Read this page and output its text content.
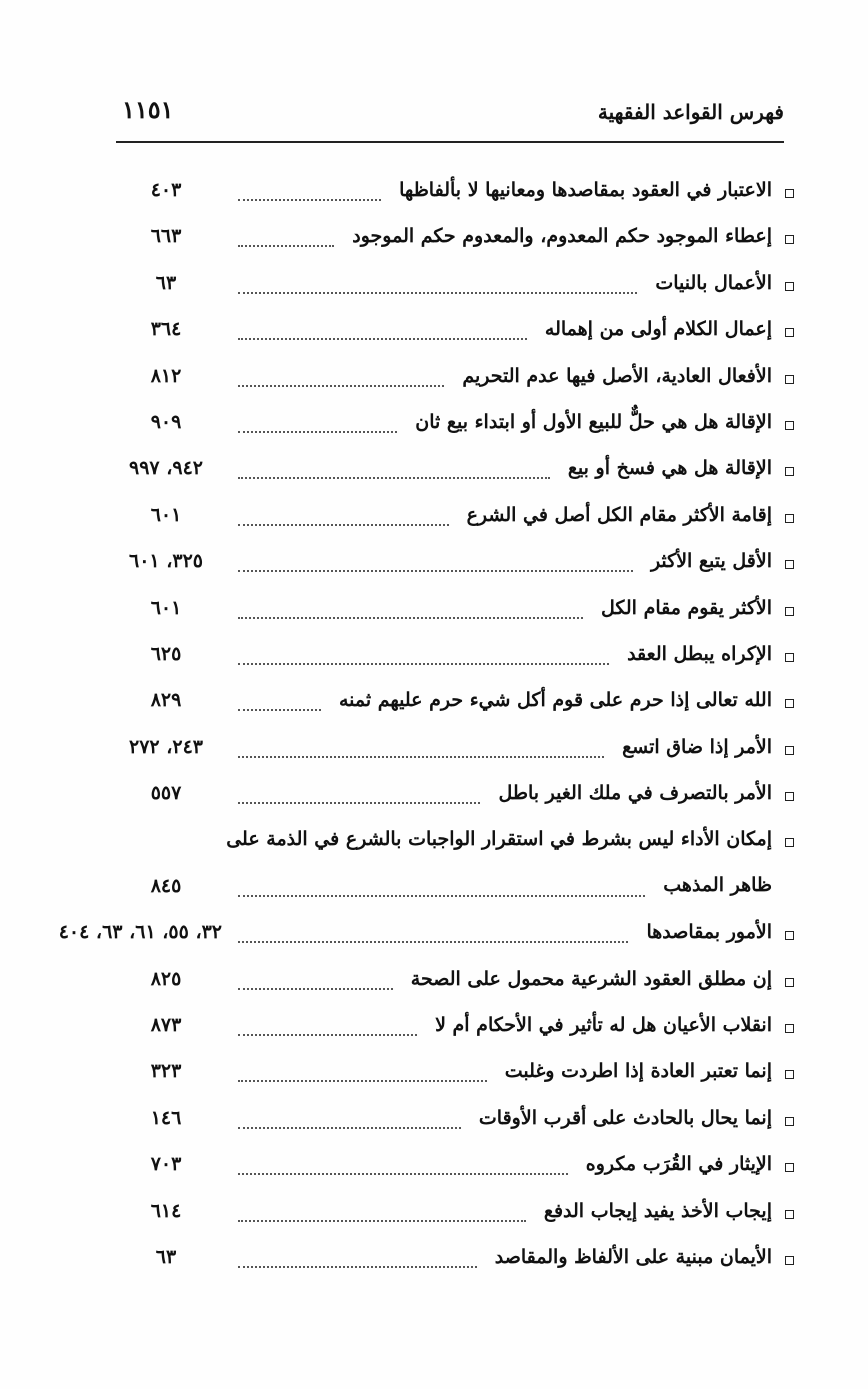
فهرس القواعد الفقهية
١١٥١
الاعتبار في العقود بمقاصدها ومعانيها لا بألفاظها
٤٠٣
إعطاء الموجود حكم المعدوم، والمعدوم حكم الموجود
٦٦٣
الأعمال بالنيات
٦٣
إعمال الكلام أولى من إهماله
٣٦٤
الأفعال العادية، الأصل فيها عدم التحريم
٨١٢
الإقالة هل هي حلٌّ للبيع الأول أو ابتداء بيع ثان
٩٠٩
الإقالة هل هي فسخ أو بيع
٩٤٢، ٩٩٧
إقامة الأكثر مقام الكل أصل في الشرع
٦٠١
الأقل يتبع الأكثر
٣٢٥، ٦٠١
الأكثر يقوم مقام الكل
٦٠١
الإكراه يبطل العقد
٦٢٥
الله تعالى إذا حرم على قوم أكل شيء حرم عليهم ثمنه
٨٢٩
الأمر إذا ضاق اتسع
٢٤٣، ٢٧٢
الأمر بالتصرف في ملك الغير باطل
٥٥٧
إمكان الأداء ليس بشرط في استقرار الواجبات بالشرع في الذمة على ظاهر المذهب
٨٤٥
الأمور بمقاصدها
٣٢، ٥٥، ٦١، ٦٣، ٤٠٤
إن مطلق العقود الشرعية محمول على الصحة
٨٢٥
انقلاب الأعيان هل له تأثير في الأحكام أم لا
٨٧٣
إنما تعتبر العادة إذا اطردت وغلبت
٣٢٣
إنما يحال بالحادث على أقرب الأوقات
١٤٦
الإيثار في القُرَب مكروه
٧٠٣
إيجاب الأخذ يفيد إيجاب الدفع
٦١٤
الأيمان مبنية على الألفاظ والمقاصد
٦٣
